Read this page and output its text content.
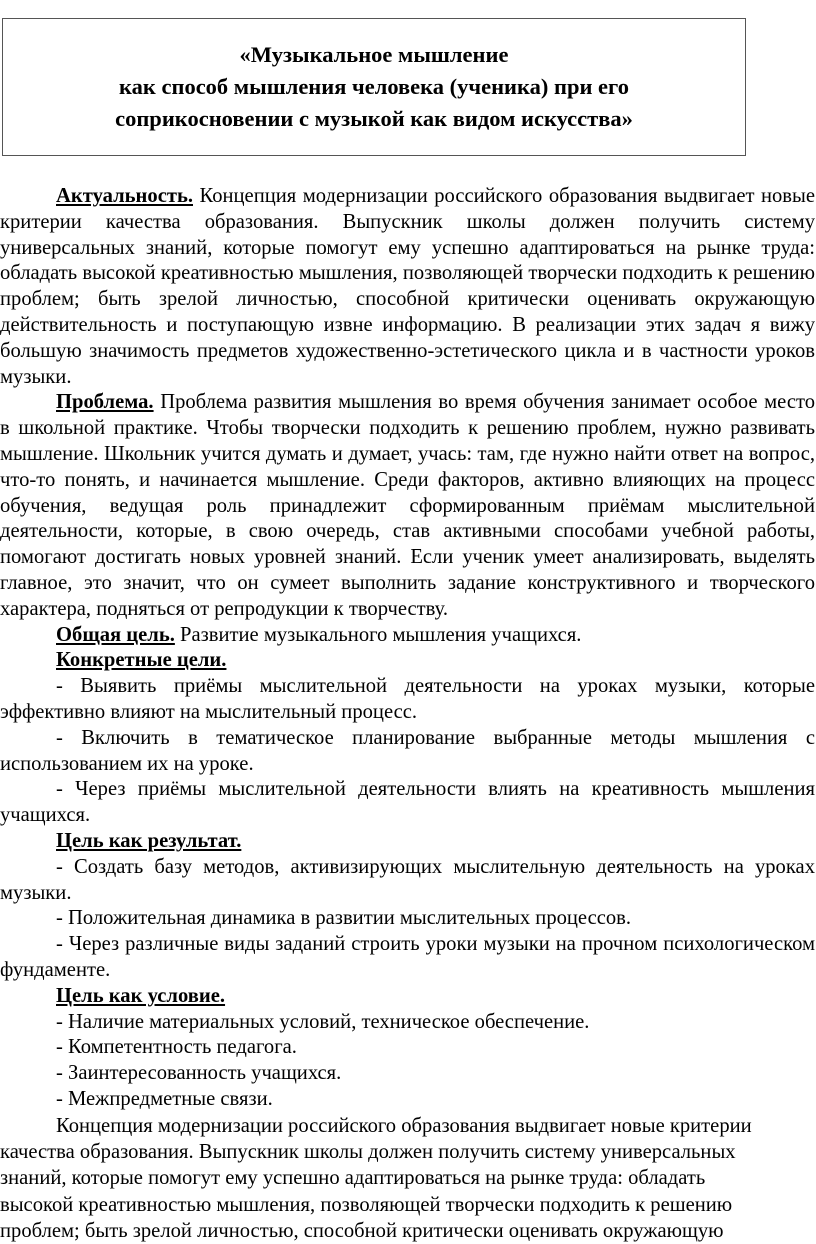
«Музыкальное мышление
как способ мышления человека (ученика) при его
соприкосновении с музыкой как видом искусства»

Актуальность. Концепция модернизации российского образования выдвигает новые критерии качества образования. Выпускник школы должен получить систему универсальных знаний, которые помогут ему успешно адаптироваться на рынке труда: обладать высокой креативностью мышления, позволяющей творчески подходить к решению проблем; быть зрелой личностью, способной критически оценивать окружающую действительность и поступающую извне информацию. В реализации этих задач я вижу большую значимость предметов художественно-эстетического цикла и в частности уроков музыки.

Проблема. Проблема развития мышления во время обучения занимает особое место в школьной практике. Чтобы творчески подходить к решению проблем, нужно развивать мышление. Школьник учится думать и думает, учась: там, где нужно найти ответ на вопрос, что-то понять, и начинается мышление. Среди факторов, активно влияющих на процесс обучения, ведущая роль принадлежит сформированным приёмам мыслительной деятельности, которые, в свою очередь, став активными способами учебной работы, помогают достигать новых уровней знаний. Если ученик умеет анализировать, выделять главное, это значит, что он сумеет выполнить задание конструктивного и творческого характера, подняться от репродукции к творчеству.

Общая цель. Развитие музыкального мышления учащихся.

Конкретные цели.

- Выявить приёмы мыслительной деятельности на уроках музыки, которые эффективно влияют на мыслительный процесс.

- Включить в тематическое планирование выбранные методы мышления с использованием их на уроке.

- Через приёмы мыслительной деятельности влиять на креативность мышления учащихся.

Цель как результат.

- Создать базу методов, активизирующих мыслительную деятельность на уроках музыки.

- Положительная динамика в развитии мыслительных процессов.

- Через различные виды заданий строить уроки музыки на прочном психологическом фундаменте.

Цель как условие.

- Наличие материальных условий, техническое обеспечение.

- Компетентность педагога.

- Заинтересованность учащихся.

- Межпредметные связи.

Концепция модернизации российского образования выдвигает новые критерии

качества образования. Выпускник школы должен получить систему универсальных

знаний, которые помогут ему успешно адаптироваться на рынке труда: обладать

высокой креативностью мышления, позволяющей творчески подходить к решению

проблем; быть зрелой личностью, способной критически оценивать окружающую
